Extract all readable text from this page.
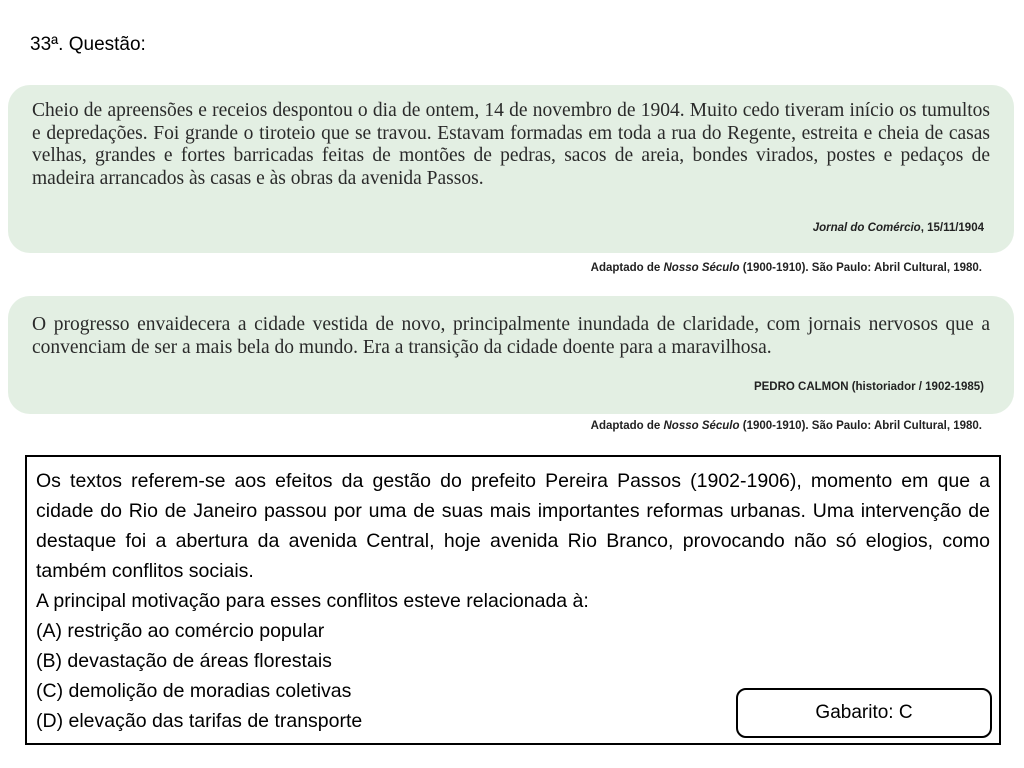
33ª. Questão:
Cheio de apreensões e receios despontou o dia de ontem, 14 de novembro de 1904. Muito cedo tiveram início os tumultos e depredações. Foi grande o tiroteio que se travou. Estavam formadas em toda a rua do Regente, estreita e cheia de casas velhas, grandes e fortes barricadas feitas de montões de pedras, sacos de areia, bondes virados, postes e pedaços de madeira arrancados às casas e às obras da avenida Passos.
Jornal do Comércio, 15/11/1904
Adaptado de Nosso Século (1900-1910). São Paulo: Abril Cultural, 1980.
O progresso envaidecera a cidade vestida de novo, principalmente inundada de claridade, com jornais nervosos que a convenciam de ser a mais bela do mundo. Era a transição da cidade doente para a maravilhosa.
PEDRO CALMON (historiador / 1902-1985)
Adaptado de Nosso Século (1900-1910). São Paulo: Abril Cultural, 1980.

Os textos referem-se aos efeitos da gestão do prefeito Pereira Passos (1902-1906), momento em que a cidade do Rio de Janeiro passou por uma de suas mais importantes reformas urbanas. Uma intervenção de destaque foi a abertura da avenida Central, hoje avenida Rio Branco, provocando não só elogios, como também conflitos sociais.
A principal motivação para esses conflitos esteve relacionada à:
(A) restrição ao comércio popular
(B) devastação de áreas florestais
(C) demolição de moradias coletivas
(D) elevação das tarifas de transporte	Gabarito: C
